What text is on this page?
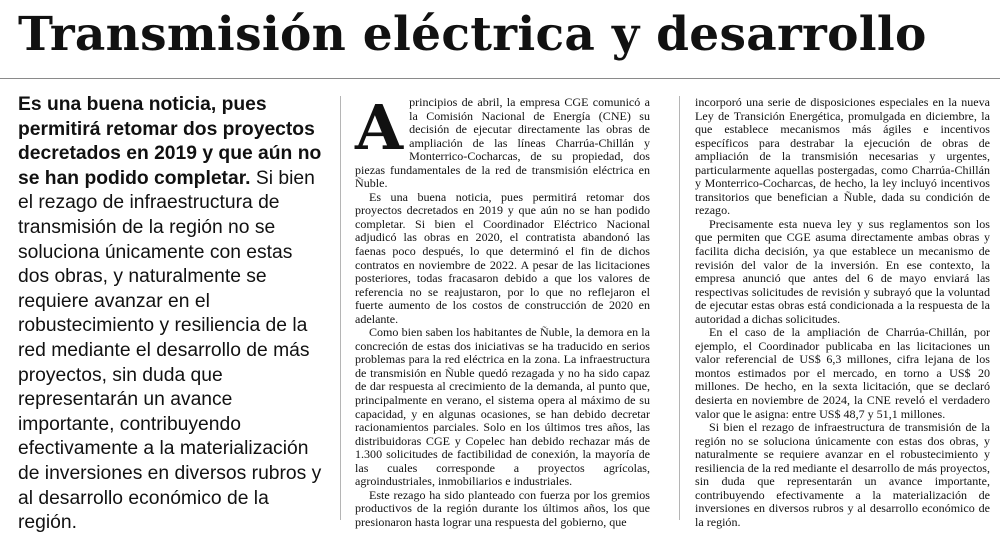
Transmisión eléctrica y desarrollo
Es una buena noticia, pues permitirá retomar dos proyectos decretados en 2019 y que aún no se han podido completar. Si bien el rezago de infraestructura de transmisión de la región no se soluciona únicamente con estas dos obras, y naturalmente se requiere avanzar en el robustecimiento y resiliencia de la red mediante el desarrollo de más proyectos, sin duda que representarán un avance importante, contribuyendo efectivamente a la materialización de inversiones en diversos rubros y al desarrollo económico de la región.

Aprincipios de abril, la empresa CGE comunicó a la Comisión Nacional de Energía (CNE) su decisión de ejecutar directamente las obras de ampliación de las líneas Charrúa-Chillán y Monterrico-Cocharcas, de su propiedad, dos piezas fundamentales de la red de transmisión eléctrica en Ñuble.

Es una buena noticia, pues permitirá retomar dos proyectos decretados en 2019 y que aún no se han podido completar. Si bien el Coordinador Eléctrico Nacional adjudicó las obras en 2020, el contratista abandonó las faenas poco después, lo que determinó el fin de dichos contratos en noviembre de 2022. A pesar de las licitaciones posteriores, todas fracasaron debido a que los valores de referencia no se reajustaron, por lo que no reflejaron el fuerte aumento de los costos de construcción de 2020 en adelante.

Como bien saben los habitantes de Ñuble, la demora en la concreción de estas dos iniciativas se ha traducido en serios problemas para la red eléctrica en la zona. La infraestructura de transmisión en Ñuble quedó rezagada y no ha sido capaz de dar respuesta al crecimiento de la demanda, al punto que, principalmente en verano, el sistema opera al máximo de su capacidad, y en algunas ocasiones, se han debido decretar racionamientos parciales. Solo en los últimos tres años, las distribuidoras CGE y Copelec han debido rechazar más de 1.300 solicitudes de factibilidad de conexión, la mayoría de las cuales corresponde a proyectos agrícolas, agroindustriales, inmobiliarios e industriales.

Este rezago ha sido planteado con fuerza por los gremios productivos de la región durante los últimos años, los que presionaron hasta lograr una respuesta del gobierno, que

incorporó una serie de disposiciones especiales en la nueva Ley de Transición Energética, promulgada en diciembre, la que establece mecanismos más ágiles e incentivos específicos para destrabar la ejecución de obras de ampliación de la transmisión necesarias y urgentes, particularmente aquellas postergadas, como Charrúa-Chillán y Monterrico-Cocharcas, de hecho, la ley incluyó incentivos transitorios que benefician a Ñuble, dada su condición de rezago.

Precisamente esta nueva ley y sus reglamentos son los que permiten que CGE asuma directamente ambas obras y facilita dicha decisión, ya que establece un mecanismo de revisión del valor de la inversión. En ese contexto, la empresa anunció que antes del 6 de mayo enviará las respectivas solicitudes de revisión y subrayó que la voluntad de ejecutar estas obras está condicionada a la respuesta de la autoridad a dichas solicitudes.

En el caso de la ampliación de Charrúa-Chillán, por ejemplo, el Coordinador publicaba en las licitaciones un valor referencial de US$ 6,3 millones, cifra lejana de los montos estimados por el mercado, en torno a US$ 20 millones. De hecho, en la sexta licitación, que se declaró desierta en noviembre de 2024, la CNE reveló el verdadero valor que le asigna: entre US$ 48,7 y 51,1 millones.

Si bien el rezago de infraestructura de transmisión de la región no se soluciona únicamente con estas dos obras, y naturalmente se requiere avanzar en el robustecimiento y resiliencia de la red mediante el desarrollo de más proyectos, sin duda que representarán un avance importante, contribuyendo efectivamente a la materialización de inversiones en diversos rubros y al desarrollo económico de la región.
